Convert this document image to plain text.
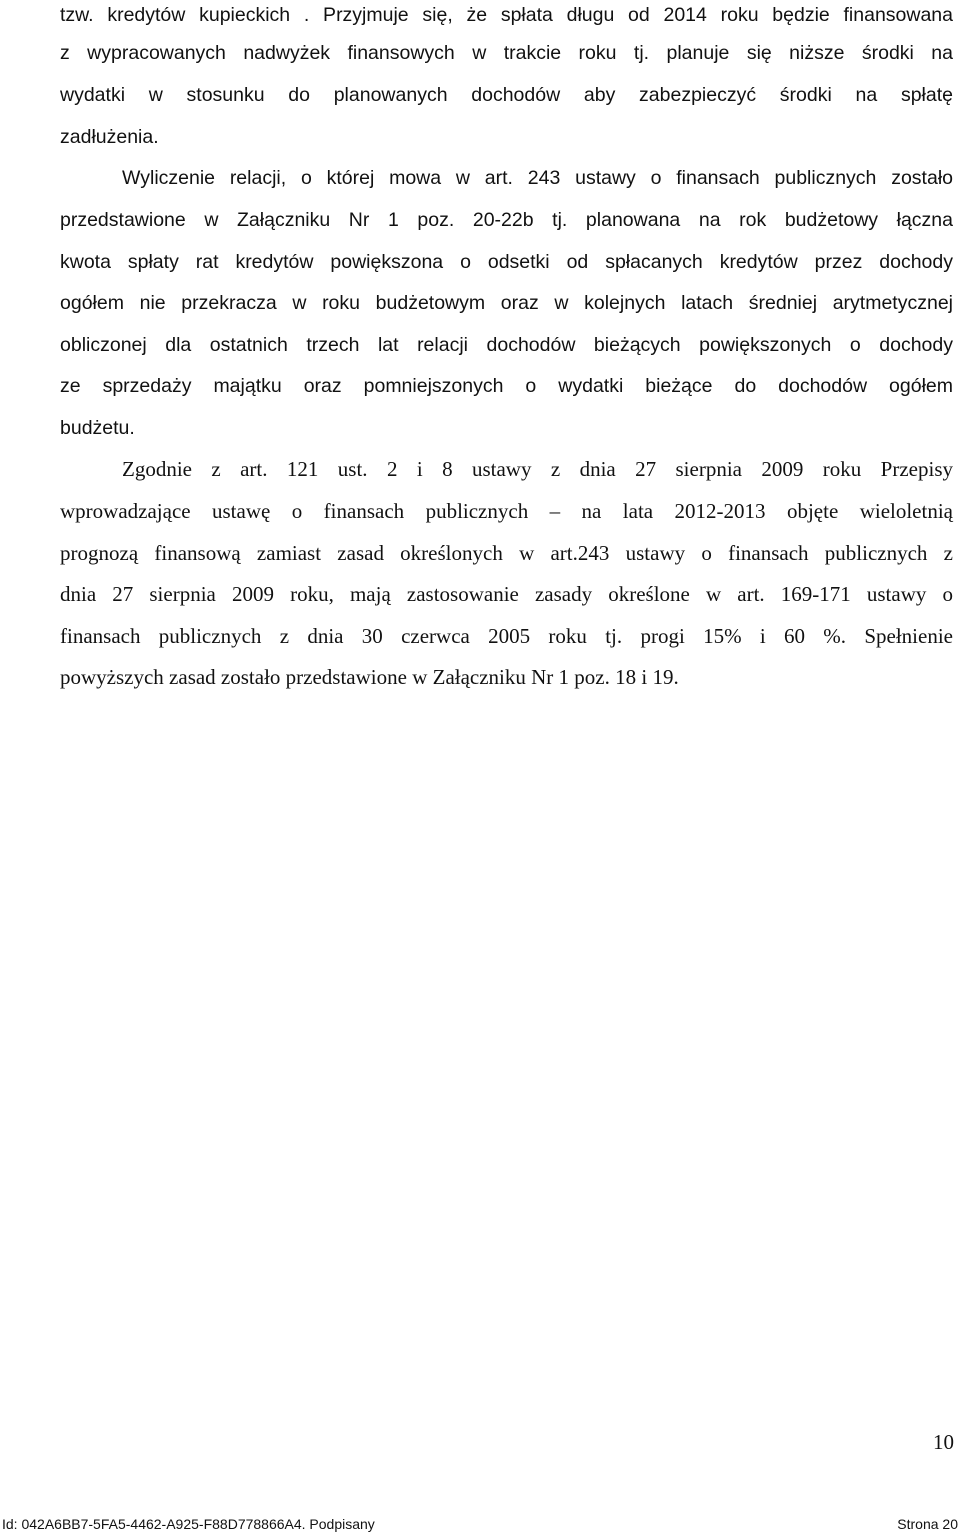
tzw. kredytów kupieckich . Przyjmuje się, że spłata długu od 2014 roku będzie finansowana
z wypracowanych nadwyżek finansowych w trakcie roku tj. planuje się niższe środki na
wydatki w stosunku do planowanych dochodów aby zabezpieczyć środki na spłatę
zadłużenia.
Wyliczenie relacji, o której mowa w art. 243 ustawy o finansach publicznych zostało
przedstawione w Załączniku Nr 1 poz. 20-22b tj. planowana na rok budżetowy łączna
kwota spłaty rat kredytów powiększona o odsetki od spłacanych kredytów przez dochody
ogółem nie przekracza w roku budżetowym oraz w kolejnych latach średniej arytmetycznej
obliczonej dla ostatnich trzech lat relacji dochodów bieżących powiększonych o dochody
ze sprzedaży majątku oraz pomniejszonych o wydatki bieżące do dochodów ogółem
budżetu.
Zgodnie z art. 121 ust. 2 i 8 ustawy z dnia 27 sierpnia 2009 roku Przepisy
wprowadzające ustawę o finansach publicznych – na lata 2012-2013 objęte wieloletnią
prognozą finansową zamiast zasad określonych w art.243 ustawy o finansach publicznych z
dnia 27 sierpnia 2009 roku, mają zastosowanie zasady określone w art. 169-171 ustawy o
finansach publicznych z dnia 30 czerwca 2005 roku tj. progi 15% i 60 %. Spełnienie
powyższych zasad zostało przedstawione w Załączniku Nr 1 poz. 18 i 19.
10
Id: 042A6BB7-5FA5-4462-A925-F88D778866A4. Podpisany	Strona 20
